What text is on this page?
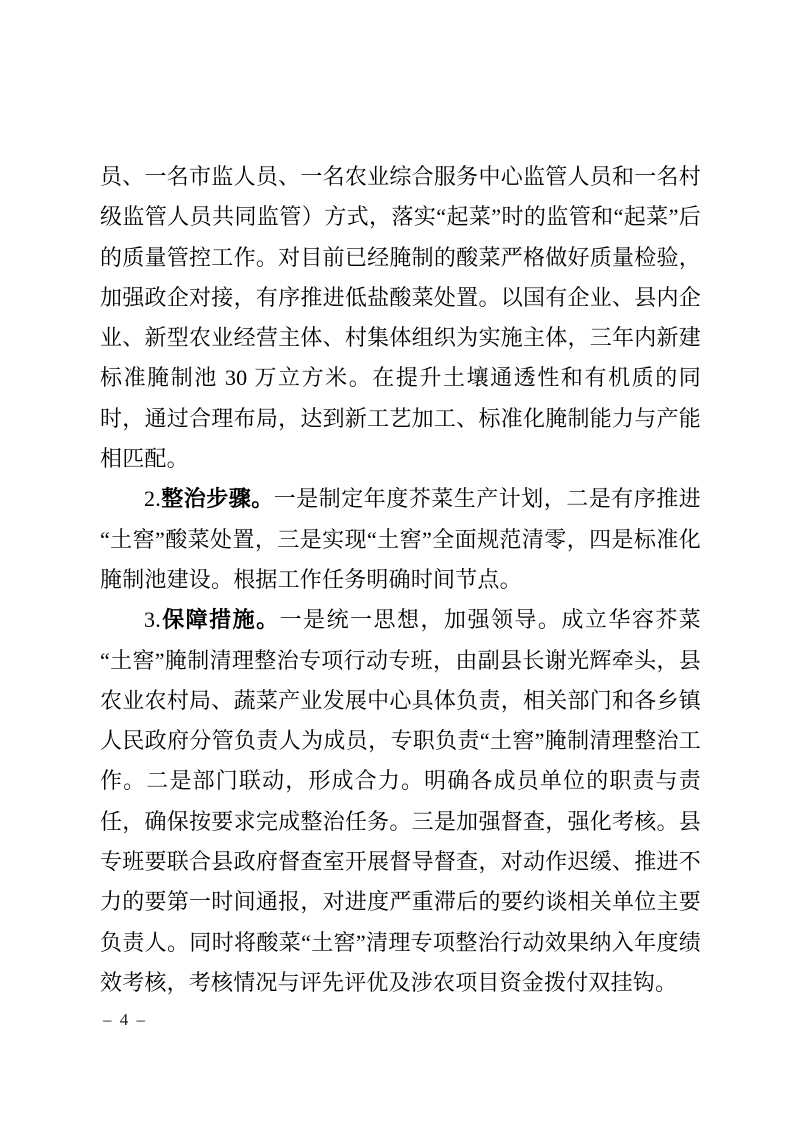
员、一名市监人员、一名农业综合服务中心监管人员和一名村级监管人员共同监管）方式，落实“起菜”时的监管和“起菜”后的质量管控工作。对目前已经腌制的酸菜严格做好质量检验，加强政企对接，有序推进低盐酸菜处置。以国有企业、县内企业、新型农业经营主体、村集体组织为实施主体，三年内新建标准腌制池 30 万立方米。在提升土壤通透性和有机质的同时，通过合理布局，达到新工艺加工、标准化腌制能力与产能相匹配。

2.整治步骤。一是制定年度芥菜生产计划，二是有序推进“土窖”酸菜处置，三是实现“土窖”全面规范清零，四是标准化腌制池建设。根据工作任务明确时间节点。

3.保障措施。一是统一思想，加强领导。成立华容芥菜“土窖”腌制清理整治专项行动专班，由副县长谢光辉牵头，县农业农村局、蔬菜产业发展中心具体负责，相关部门和各乡镇人民政府分管负责人为成员，专职负责“土窖”腌制清理整治工作。二是部门联动，形成合力。明确各成员单位的职责与责任，确保按要求完成整治任务。三是加强督查，强化考核。县专班要联合县政府督查室开展督导督查，对动作迟缓、推进不力的要第一时间通报，对进度严重滞后的要约谈相关单位主要负责人。同时将酸菜“土窖”清理专项整治行动效果纳入年度绩效考核，考核情况与评先评优及涉农项目资金拨付双挂钩。

– 4 –
